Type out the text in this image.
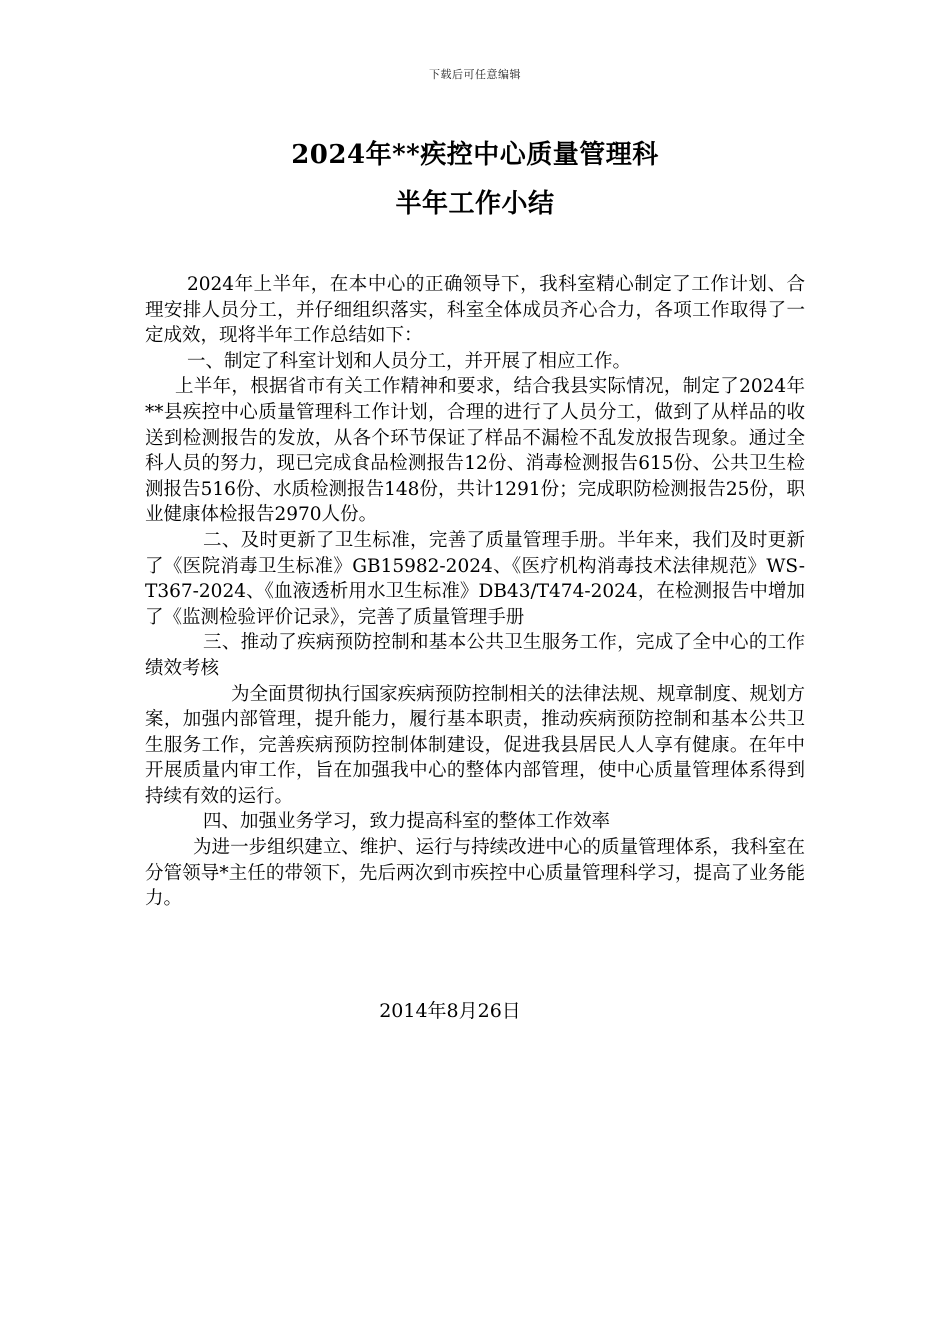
下载后可任意编辑
2024年**疾控中心质量管理科
半年工作小结

2024年上半年，在本中心的正确领导下，我科室精心制定了工作计划、合理安排人员分工，并仔细组织落实，科室全体成员齐心合力，各项工作取得了一定成效，现将半年工作总结如下：

一、制定了科室计划和人员分工，并开展了相应工作。

上半年，根据省市有关工作精神和要求，结合我县实际情况，制定了2024年**县疾控中心质量管理科工作计划，合理的进行了人员分工，做到了从样品的收送到检测报告的发放，从各个环节保证了样品不漏检不乱发放报告现象。通过全科人员的努力，现已完成食品检测报告12份、消毒检测报告615份、公共卫生检测报告516份、水质检测报告148份，共计1291份；完成职防检测报告25份，职业健康体检报告2970人份。

二、及时更新了卫生标准，完善了质量管理手册。半年来，我们及时更新了《医院消毒卫生标准》GB15982-2024、《医疗机构消毒技术法律规范》WS-T367-2024、《血液透析用水卫生标准》DB43/T474-2024，在检测报告中增加了《监测检验评价记录》，完善了质量管理手册

三、推动了疾病预防控制和基本公共卫生服务工作，完成了全中心的工作绩效考核

为全面贯彻执行国家疾病预防控制相关的法律法规、规章制度、规划方案，加强内部管理，提升能力，履行基本职责，推动疾病预防控制和基本公共卫生服务工作，完善疾病预防控制体制建设，促进我县居民人人享有健康。在年中开展质量内审工作，旨在加强我中心的整体内部管理，使中心质量管理体系得到持续有效的运行。

四、加强业务学习，致力提高科室的整体工作效率

为进一步组织建立、维护、运行与持续改进中心的质量管理体系，我科室在分管领导*主任的带领下，先后两次到市疾控中心质量管理科学习，提高了业务能力。

2014年8月26日
